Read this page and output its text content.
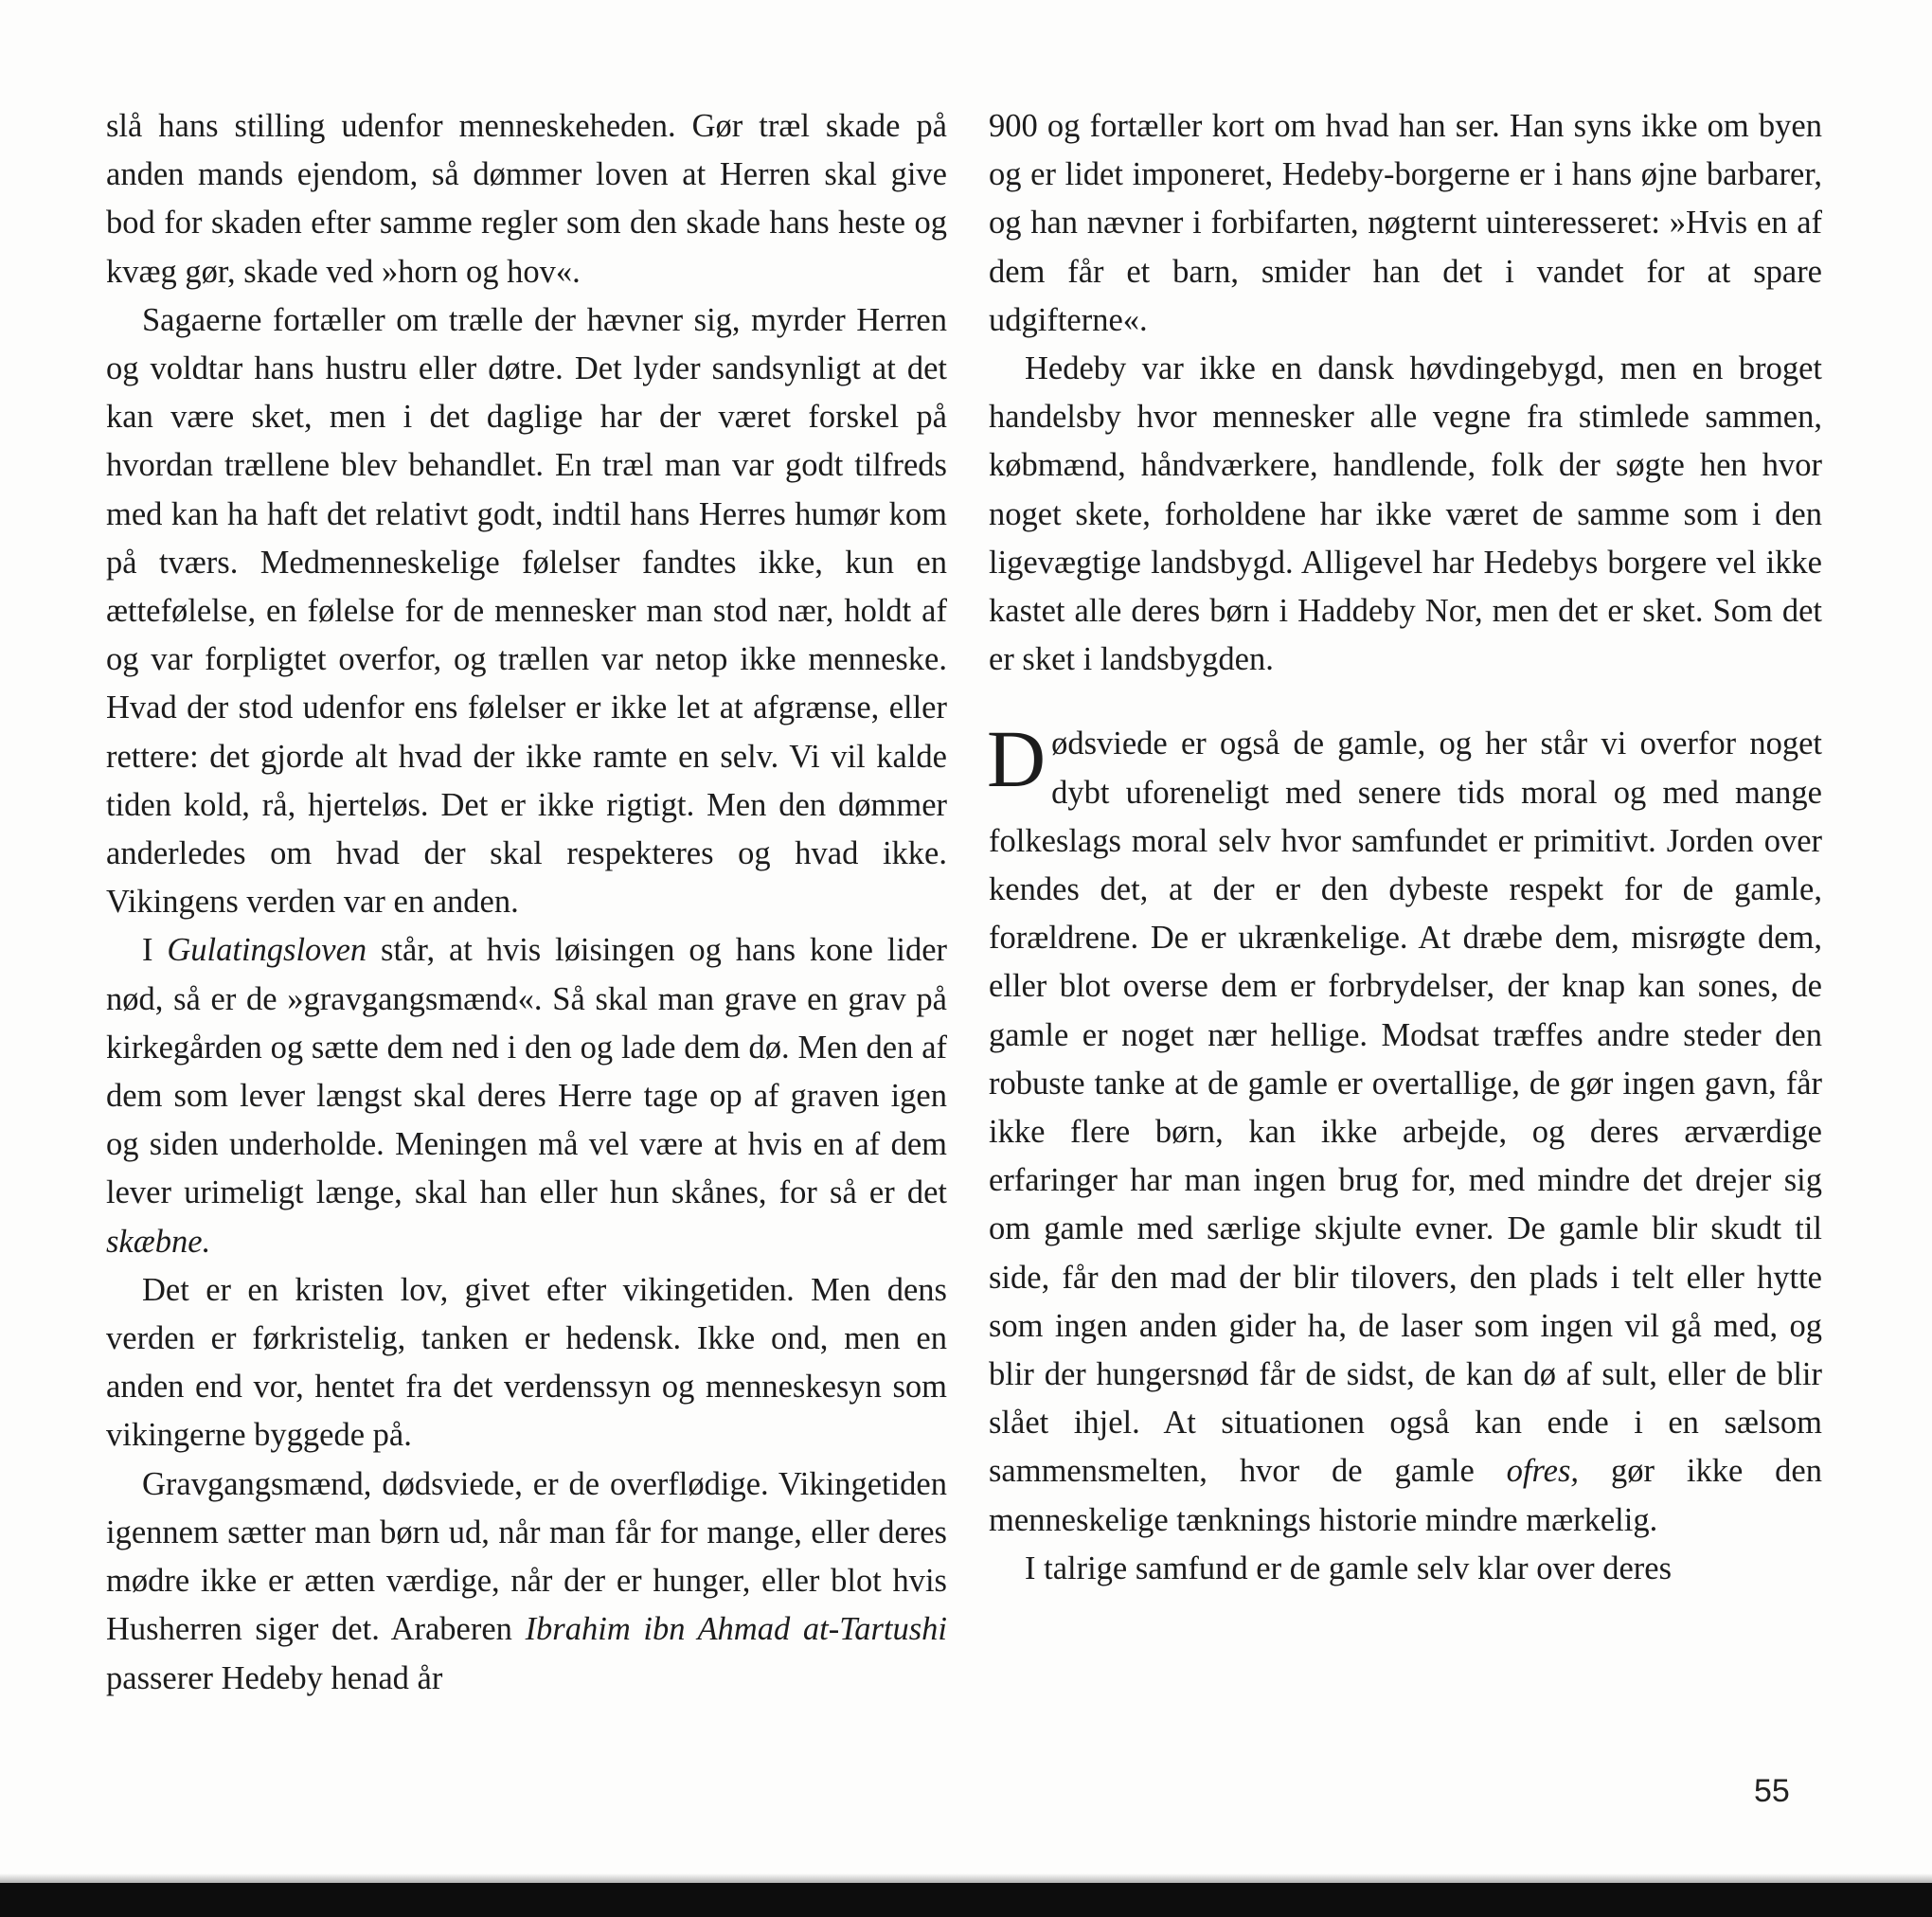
slå hans stilling udenfor menneskeheden. Gør træl skade på anden mands ejendom, så dømmer loven at Herren skal give bod for skaden efter samme regler som den skade hans heste og kvæg gør, skade ved »horn og hov«.

Sagaerne fortæller om trælle der hævner sig, myrder Herren og voldtar hans hustru eller døtre. Det lyder sandsynligt at det kan være sket, men i det daglige har der været forskel på hvordan trællene blev behandlet. En træl man var godt tilfreds med kan ha haft det relativt godt, indtil hans Herres humør kom på tværs. Medmenneskelige følelser fandtes ikke, kun en ættefølelse, en følelse for de mennesker man stod nær, holdt af og var forpligtet overfor, og trællen var netop ikke menneske. Hvad der stod udenfor ens følelser er ikke let at afgrænse, eller rettere: det gjorde alt hvad der ikke ramte en selv. Vi vil kalde tiden kold, rå, hjerteløs. Det er ikke rigtigt. Men den dømmer anderledes om hvad der skal respekteres og hvad ikke. Vikingens verden var en anden.

I Gulatingsloven står, at hvis løisingen og hans kone lider nød, så er de »gravgangsmænd«. Så skal man grave en grav på kirkegården og sætte dem ned i den og lade dem dø. Men den af dem som lever længst skal deres Herre tage op af graven igen og siden underholde. Meningen må vel være at hvis en af dem lever urimeligt længe, skal han eller hun skånes, for så er det skæbne.

Det er en kristen lov, givet efter vikingetiden. Men dens verden er førkristelig, tanken er hedensk. Ikke ond, men en anden end vor, hentet fra det verdenssyn og menneskesyn som vikingerne byggede på.

Gravgangsmænd, dødsviede, er de overflødige. Vikingetiden igennem sætter man børn ud, når man får for mange, eller deres mødre ikke er ætten værdige, når der er hunger, eller blot hvis Husherren siger det. Araberen Ibrahim ibn Ahmad at-Tartushi passerer Hedeby henad år

900 og fortæller kort om hvad han ser. Han syns ikke om byen og er lidet imponeret, Hedeby-borgerne er i hans øjne barbarer, og han nævner i forbifarten, nøgternt uinteresseret: »Hvis en af dem får et barn, smider han det i vandet for at spare udgifterne«.

Hedeby var ikke en dansk høvdingebygd, men en broget handelsby hvor mennesker alle vegne fra stimlede sammen, købmænd, håndværkere, handlende, folk der søgte hen hvor noget skete, forholdene har ikke været de samme som i den ligevægtige landsbygd. Alligevel har Hedebys borgere vel ikke kastet alle deres børn i Haddeby Nor, men det er sket. Som det er sket i landsbygden.

Dødsviede er også de gamle, og her står vi overfor noget dybt uforeneligt med senere tids moral og med mange folkeslags moral selv hvor samfundet er primitivt. Jorden over kendes det, at der er den dybeste respekt for de gamle, forældrene. De er ukrænkelige. At dræbe dem, misrøgte dem, eller blot overse dem er forbrydelser, der knap kan sones, de gamle er noget nær hellige. Modsat træffes andre steder den robuste tanke at de gamle er overtallige, de gør ingen gavn, får ikke flere børn, kan ikke arbejde, og deres ærværdige erfaringer har man ingen brug for, med mindre det drejer sig om gamle med særlige skjulte evner. De gamle blir skudt til side, får den mad der blir tilovers, den plads i telt eller hytte som ingen anden gider ha, de laser som ingen vil gå med, og blir der hungersnød får de sidst, de kan dø af sult, eller de blir slået ihjel. At situationen også kan ende i en sælsom sammensmelten, hvor de gamle ofres, gør ikke den menneskelige tænknings historie mindre mærkelig.

I talrige samfund er de gamle selv klar over deres

55
